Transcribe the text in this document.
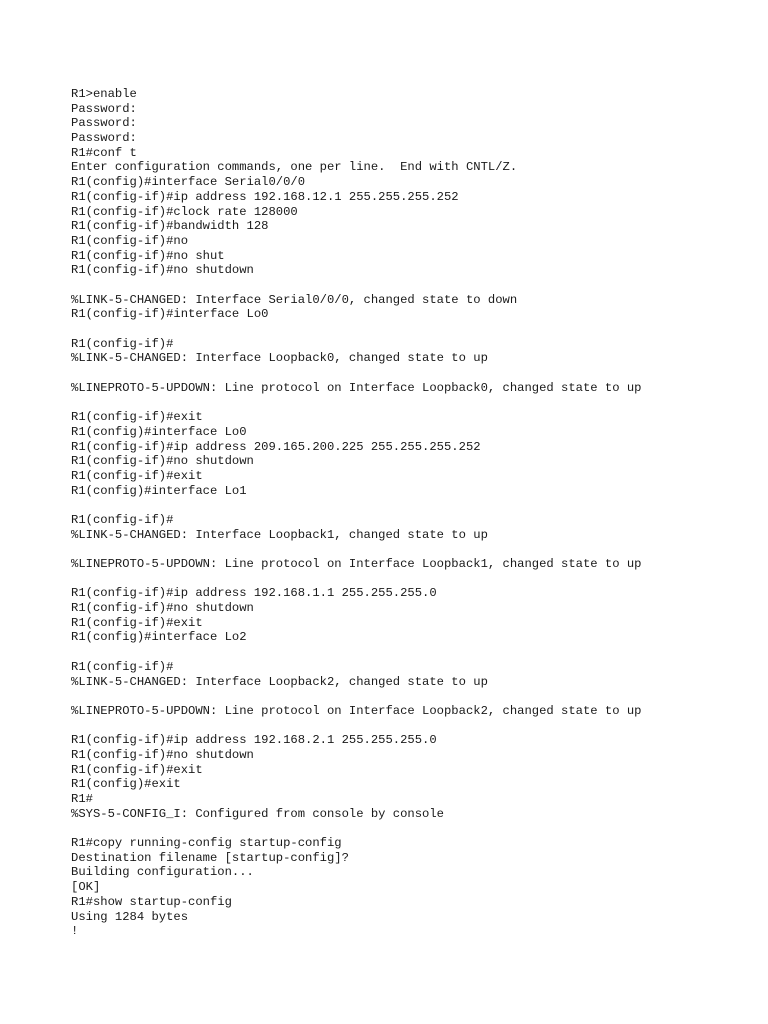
R1>enable
Password:
Password:
Password:
R1#conf t
Enter configuration commands, one per line.  End with CNTL/Z.
R1(config)#interface Serial0/0/0
R1(config-if)#ip address 192.168.12.1 255.255.255.252
R1(config-if)#clock rate 128000
R1(config-if)#bandwidth 128
R1(config-if)#no
R1(config-if)#no shut
R1(config-if)#no shutdown
%LINK-5-CHANGED: Interface Serial0/0/0, changed state to down
R1(config-if)#interface Lo0
R1(config-if)#
%LINK-5-CHANGED: Interface Loopback0, changed state to up
%LINEPROTO-5-UPDOWN: Line protocol on Interface Loopback0, changed state to up
R1(config-if)#exit
R1(config)#interface Lo0
R1(config-if)#ip address 209.165.200.225 255.255.255.252
R1(config-if)#no shutdown
R1(config-if)#exit
R1(config)#interface Lo1
R1(config-if)#
%LINK-5-CHANGED: Interface Loopback1, changed state to up
%LINEPROTO-5-UPDOWN: Line protocol on Interface Loopback1, changed state to up
R1(config-if)#ip address 192.168.1.1 255.255.255.0
R1(config-if)#no shutdown
R1(config-if)#exit
R1(config)#interface Lo2
R1(config-if)#
%LINK-5-CHANGED: Interface Loopback2, changed state to up
%LINEPROTO-5-UPDOWN: Line protocol on Interface Loopback2, changed state to up
R1(config-if)#ip address 192.168.2.1 255.255.255.0
R1(config-if)#no shutdown
R1(config-if)#exit
R1(config)#exit
R1#
%SYS-5-CONFIG_I: Configured from console by console
R1#copy running-config startup-config
Destination filename [startup-config]?
Building configuration...
[OK]
R1#show startup-config
Using 1284 bytes
!
